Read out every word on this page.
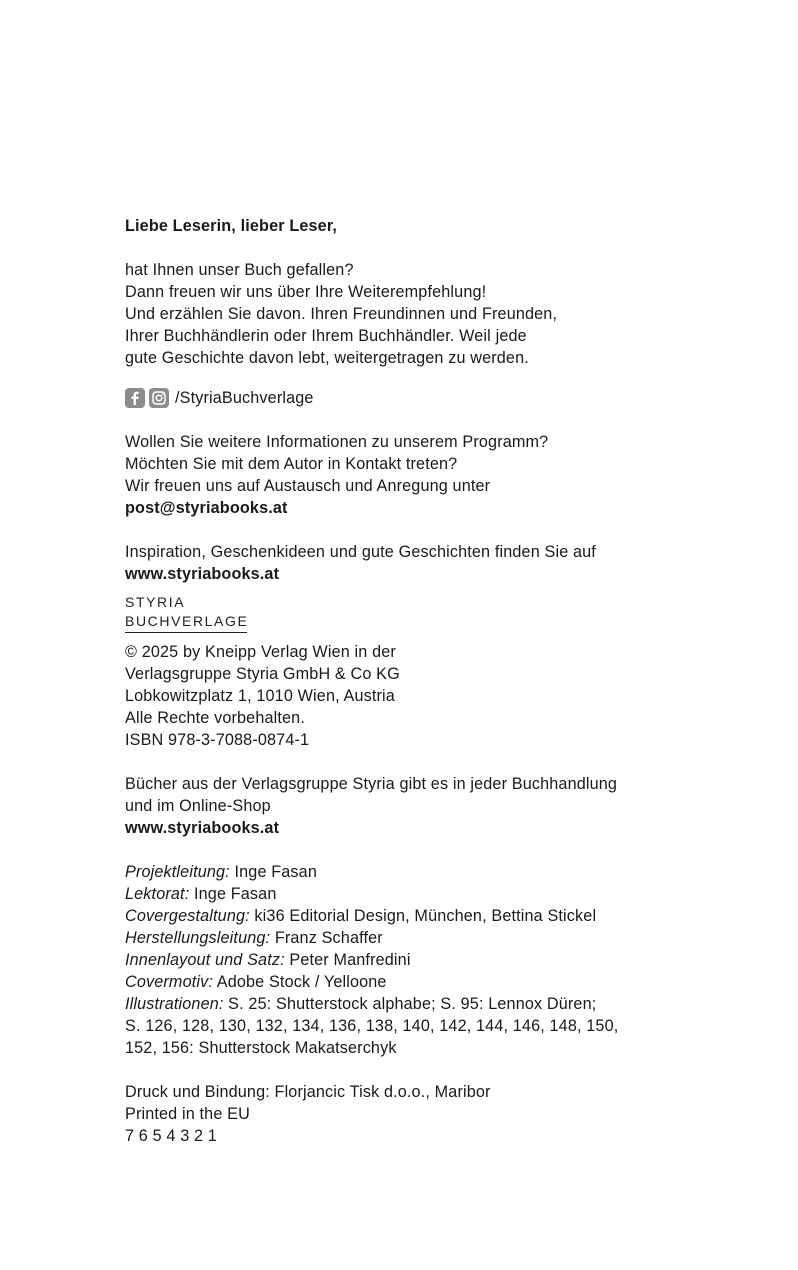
Liebe Leserin, lieber Leser,

hat Ihnen unser Buch gefallen?

Dann freuen wir uns über Ihre Weiterempfehlung!

Und erzählen Sie davon. Ihren Freundinnen und Freunden,

Ihrer Buchhändlerin oder Ihrem Buchhändler. Weil jede

gute Geschichte davon lebt, weitergetragen zu werden.

/StyriaBuchverlage

Wollen Sie weitere Informationen zu unserem Programm?

Möchten Sie mit dem Autor in Kontakt treten?

Wir freuen uns auf Austausch und Anregung unter

post@styriabooks.at

Inspiration, Geschenkideen und gute Geschichten finden Sie auf

www.styriabooks.at

STYRIA
BUCHVERLAGE

© 2025 by Kneipp Verlag Wien in der

Verlagsgruppe Styria GmbH & Co KG

Lobkowitzplatz 1, 1010 Wien, Austria

Alle Rechte vorbehalten.

ISBN 978-3-7088-0874-1

Bücher aus der Verlagsgruppe Styria gibt es in jeder Buchhandlung

und im Online-Shop

www.styriabooks.at

Projektleitung: Inge Fasan

Lektorat: Inge Fasan

Covergestaltung: ki36 Editorial Design, München, Bettina Stickel

Herstellungsleitung: Franz Schaffer

Innenlayout und Satz: Peter Manfredini

Covermotiv: Adobe Stock / Yelloone

Illustrationen: S. 25: Shutterstock alphabe; S. 95: Lennox Düren;

S. 126, 128, 130, 132, 134, 136, 138, 140, 142, 144, 146, 148, 150,

152, 156: Shutterstock Makatserchyk

Druck und Bindung: Florjancic Tisk d.o.o., Maribor

Printed in the EU

7 6 5 4 3 2 1
